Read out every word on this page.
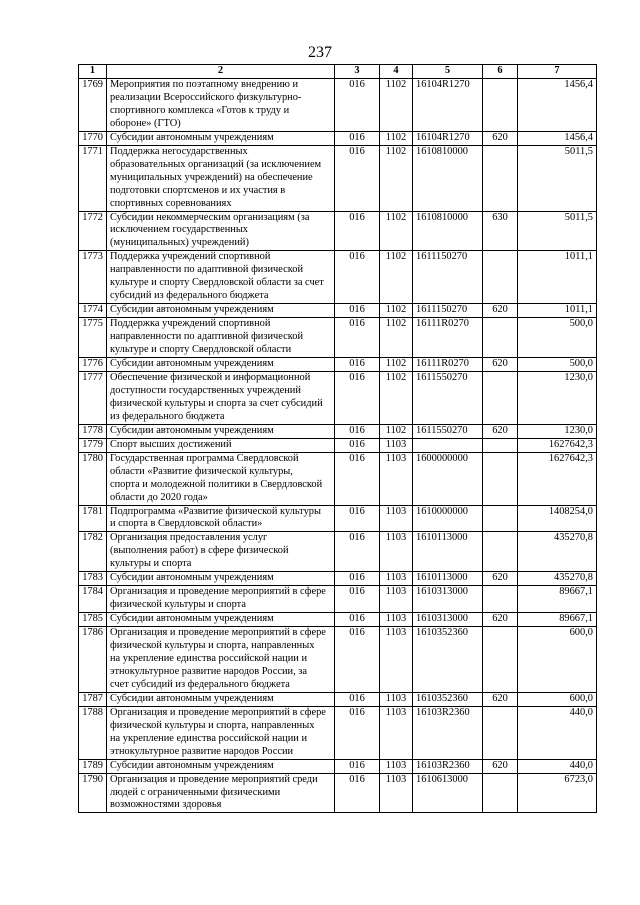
237
1	2	3	4	5	6	7
1769	Мероприятия по поэтапному внедрению и
реализации Всероссийского физкультурно-
спортивного комплекса «Готов к труду и
обороне» (ГТО)	016	1102	16104R1270		1456,4
1770	Субсидии автономным учреждениям	016	1102	16104R1270	620	1456,4
1771	Поддержка негосударственных
образовательных организаций (за исключением
муниципальных учреждений) на обеспечение
подготовки спортсменов и их участия в
спортивных соревнованиях	016	1102	1610810000		5011,5
1772	Субсидии некоммерческим организациям (за
исключением государственных
(муниципальных) учреждений)	016	1102	1610810000	630	5011,5
1773	Поддержка учреждений спортивной
направленности по адаптивной физической
культуре и спорту Свердловской области за счет
субсидий из федерального бюджета	016	1102	1611150270		1011,1
1774	Субсидии автономным учреждениям	016	1102	1611150270	620	1011,1
1775	Поддержка учреждений спортивной
направленности по адаптивной физической
культуре и спорту Свердловской области	016	1102	16111R0270		500,0
1776	Субсидии автономным учреждениям	016	1102	16111R0270	620	500,0
1777	Обеспечение физической и информационной
доступности государственных учреждений
физической культуры и спорта за счет субсидий
из федерального бюджета	016	1102	1611550270		1230,0
1778	Субсидии автономным учреждениям	016	1102	1611550270	620	1230,0
1779	Спорт высших достижений	016	1103			1627642,3
1780	Государственная программа Свердловской
области «Развитие физической культуры,
спорта и молодежной политики в Свердловской
области до 2020 года»	016	1103	1600000000		1627642,3
1781	Подпрограмма «Развитие физической культуры
и спорта в Свердловской области»	016	1103	1610000000		1408254,0
1782	Организация предоставления услуг
(выполнения работ) в сфере физической
культуры и спорта	016	1103	1610113000		435270,8
1783	Субсидии автономным учреждениям	016	1103	1610113000	620	435270,8
1784	Организация и проведение мероприятий в сфере
физической культуры и спорта	016	1103	1610313000		89667,1
1785	Субсидии автономным учреждениям	016	1103	1610313000	620	89667,1
1786	Организация и проведение мероприятий в сфере
физической культуры и спорта, направленных
на укрепление единства российской нации и
этнокультурное развитие народов России, за
счет субсидий из федерального бюджета	016	1103	1610352360		600,0
1787	Субсидии автономным учреждениям	016	1103	1610352360	620	600,0
1788	Организация и проведение мероприятий в сфере
физической культуры и спорта, направленных
на укрепление единства российской нации и
этнокультурное развитие народов России	016	1103	16103R2360		440,0
1789	Субсидии автономным учреждениям	016	1103	16103R2360	620	440,0
1790	Организация и проведение мероприятий среди
людей с ограниченными физическими
возможностями здоровья	016	1103	1610613000		6723,0
